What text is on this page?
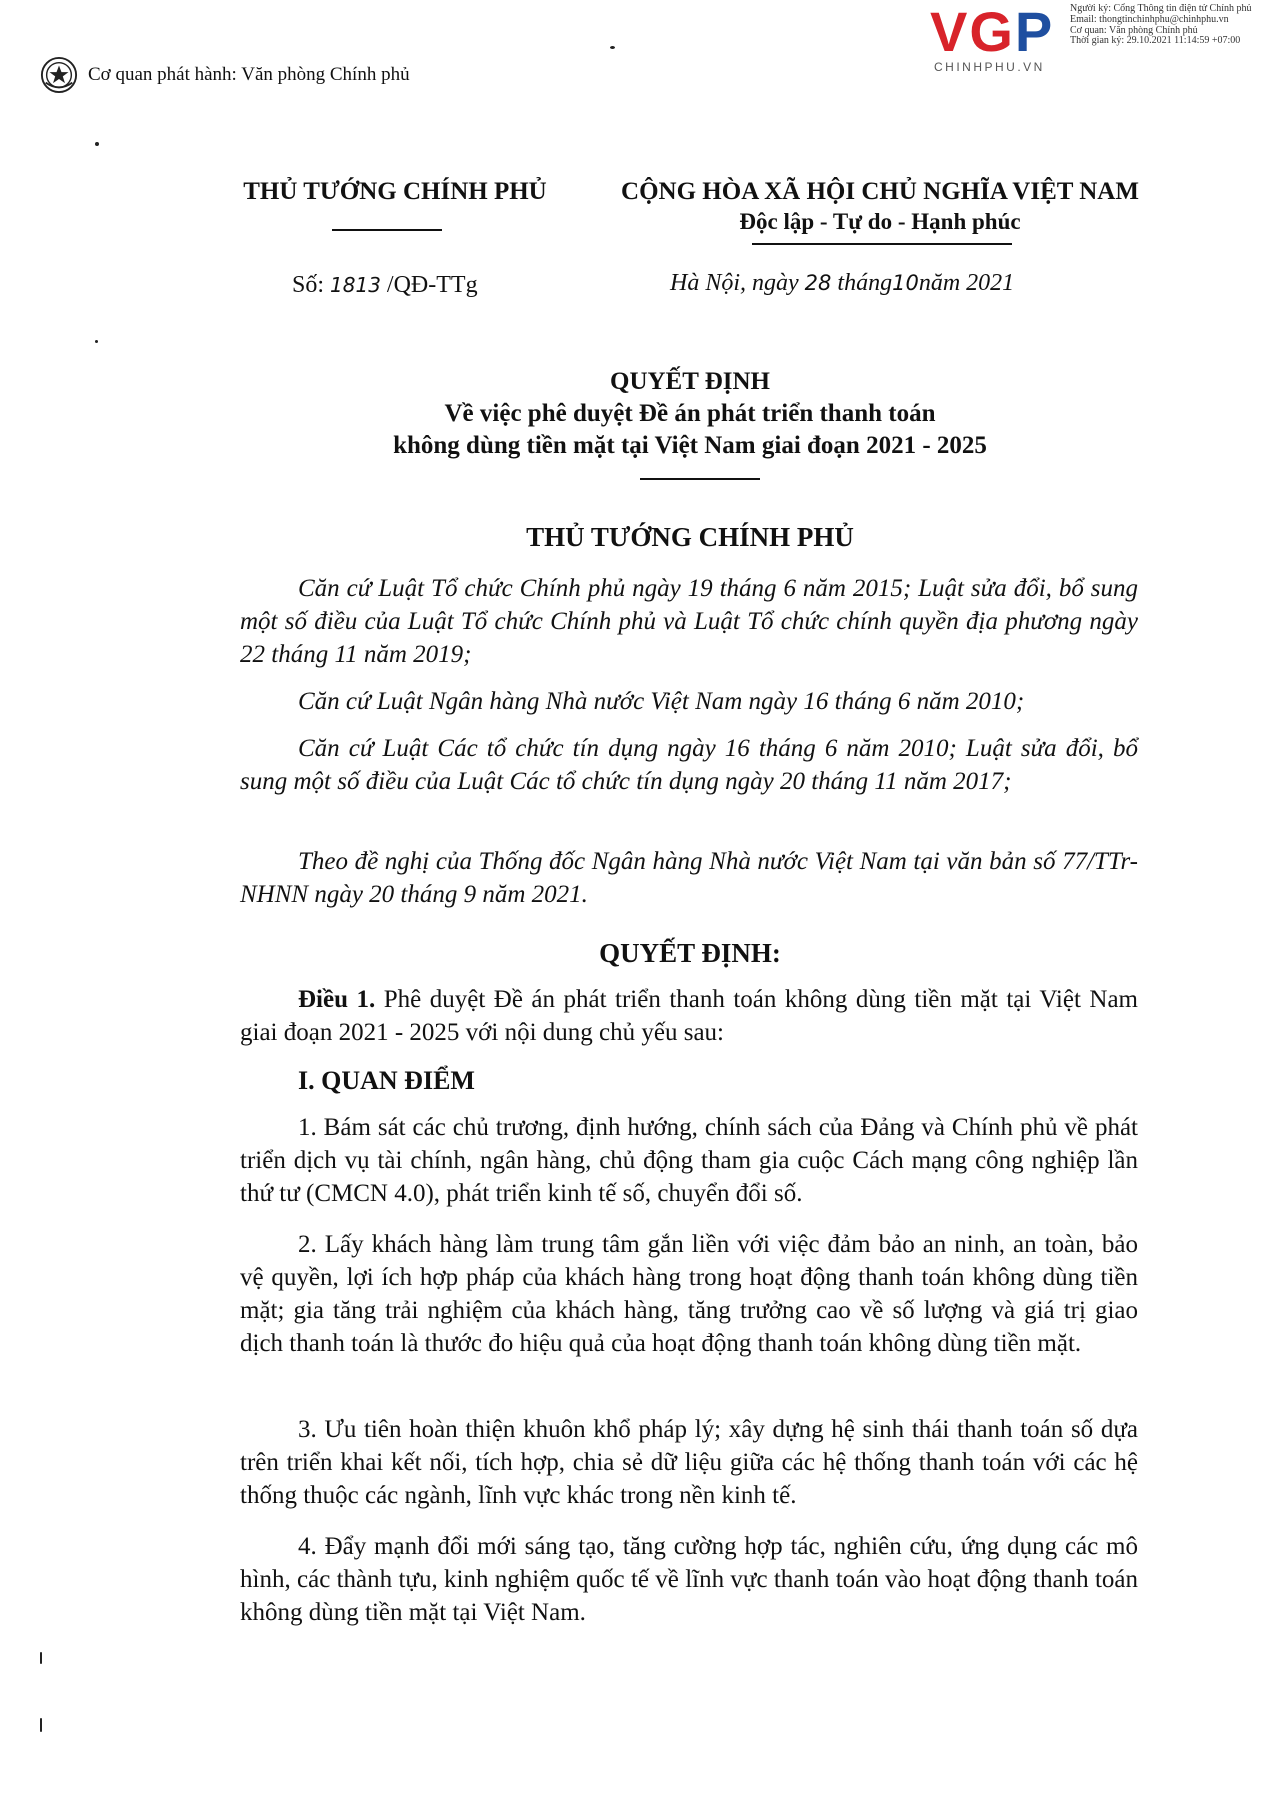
Cơ quan phát hành: Văn phòng Chính phủ
VGP
CHINHPHU.VN
Người ký: Cổng Thông tin điện tử Chính phủ
Email: thongtinchinhphu@chinhphu.vn
Cơ quan: Văn phòng Chính phủ
Thời gian ký: 29.10.2021 11:14:59 +07:00
THỦ TƯỚNG CHÍNH PHỦ	CỘNG HÒA XÃ HỘI CHỦ NGHĨA VIỆT NAM
Độc lập - Tự do - Hạnh phúc
Số: 1813 /QĐ-TTg	Hà Nội, ngày 28 tháng10năm 2021
QUYẾT ĐỊNH
Về việc phê duyệt Đề án phát triển thanh toán
không dùng tiền mặt tại Việt Nam giai đoạn 2021 - 2025
THỦ TƯỚNG CHÍNH PHỦ
Căn cứ Luật Tổ chức Chính phủ ngày 19 tháng 6 năm 2015; Luật sửa đổi, bổ sung một số điều của Luật Tổ chức Chính phủ và Luật Tổ chức chính quyền địa phương ngày 22 tháng 11 năm 2019;
Căn cứ Luật Ngân hàng Nhà nước Việt Nam ngày 16 tháng 6 năm 2010;
Căn cứ Luật Các tổ chức tín dụng ngày 16 tháng 6 năm 2010; Luật sửa đổi, bổ sung một số điều của Luật Các tổ chức tín dụng ngày 20 tháng 11 năm 2017;
Theo đề nghị của Thống đốc Ngân hàng Nhà nước Việt Nam tại văn bản số 77/TTr-NHNN ngày 20 tháng 9 năm 2021.
QUYẾT ĐỊNH:
Điều 1. Phê duyệt Đề án phát triển thanh toán không dùng tiền mặt tại Việt Nam giai đoạn 2021 - 2025 với nội dung chủ yếu sau:
I. QUAN ĐIỂM
1. Bám sát các chủ trương, định hướng, chính sách của Đảng và Chính phủ về phát triển dịch vụ tài chính, ngân hàng, chủ động tham gia cuộc Cách mạng công nghiệp lần thứ tư (CMCN 4.0), phát triển kinh tế số, chuyển đổi số.
2. Lấy khách hàng làm trung tâm gắn liền với việc đảm bảo an ninh, an toàn, bảo vệ quyền, lợi ích hợp pháp của khách hàng trong hoạt động thanh toán không dùng tiền mặt; gia tăng trải nghiệm của khách hàng, tăng trưởng cao về số lượng và giá trị giao dịch thanh toán là thước đo hiệu quả của hoạt động thanh toán không dùng tiền mặt.
3. Ưu tiên hoàn thiện khuôn khổ pháp lý; xây dựng hệ sinh thái thanh toán số dựa trên triển khai kết nối, tích hợp, chia sẻ dữ liệu giữa các hệ thống thanh toán với các hệ thống thuộc các ngành, lĩnh vực khác trong nền kinh tế.
4. Đẩy mạnh đổi mới sáng tạo, tăng cường hợp tác, nghiên cứu, ứng dụng các mô hình, các thành tựu, kinh nghiệm quốc tế về lĩnh vực thanh toán vào hoạt động thanh toán không dùng tiền mặt tại Việt Nam.
